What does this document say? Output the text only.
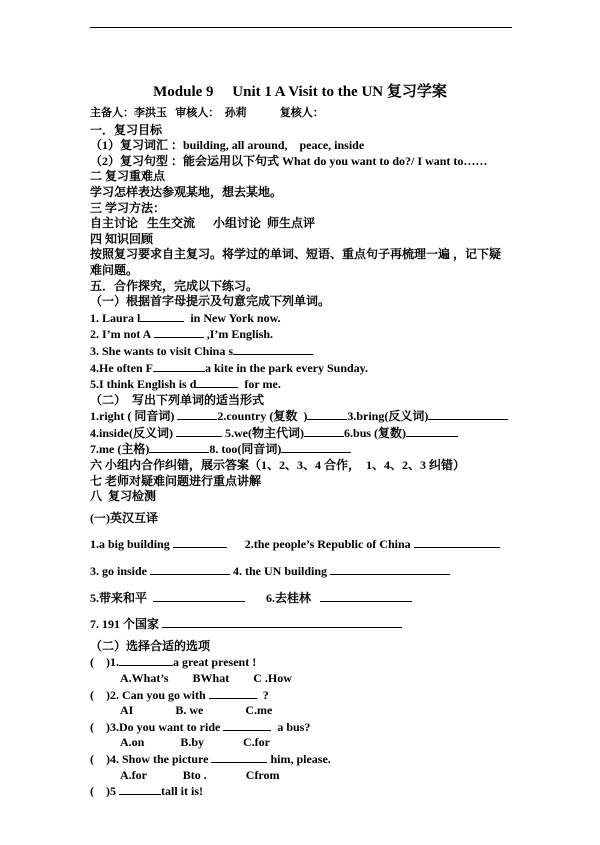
Module 9     Unit 1 A Visit to the UN 复习学案

主备人：李洪玉   审核人：  孙莉            复核人：

一．复习目标

（1）复习词汇 ：building, all around,    peace, inside

（2）复习句型 ：能会运用以下句式 What do you want to do?/ I want to……

二 复习重难点

学习怎样表达参观某地，想去某地。

三 学习方法：

自主讨论   生生交流      小组讨论  师生点评

四 知识回顾

按照复习要求自主复习。将学过的单词、短语、重点句子再梳理一遍 ，记下疑

难问题。

五．合作探究，完成以下练习。

（一）根据首字母提示及句意完成下列单词。

1. Laura l	in New York now.

2. I’m not A	,I’m English.

3. She wants to visit China s

4.He often F	a kite in the park every Sunday.

5.I think English is d	for me.

（二）  写出下列单词的适当形式

1.right ( 同音词)	2.country (复数  )	3.bring(反义词)

4.inside(反义词)	5.we(物主代词)	6.bus (复数)

7.me (主格)	8. too(同音词)

六 小组内合作纠错，展示答案（1、2、3、4 合作，  1、4、2、3 纠错）

七 老师对疑难问题进行重点讲解

八  复习检测

(一)英汉互译

1.a big building	2.the people’s Republic of China

3. go inside	4. the UN building

5.带来和平	6.去桂林

7. 191 个国家

（二）选择合适的选项

(    )1.	a great present !

A.What’s        BWhat        C .How

(    )2. Can you go with	?

AI              B. we              C.me

(    )3.Do you want to ride	a bus?

A.on            B.by             C.for

(    )4. Show the picture	him, please.

A.for            Bto .             Cfrom

(    )5	tall it is!
